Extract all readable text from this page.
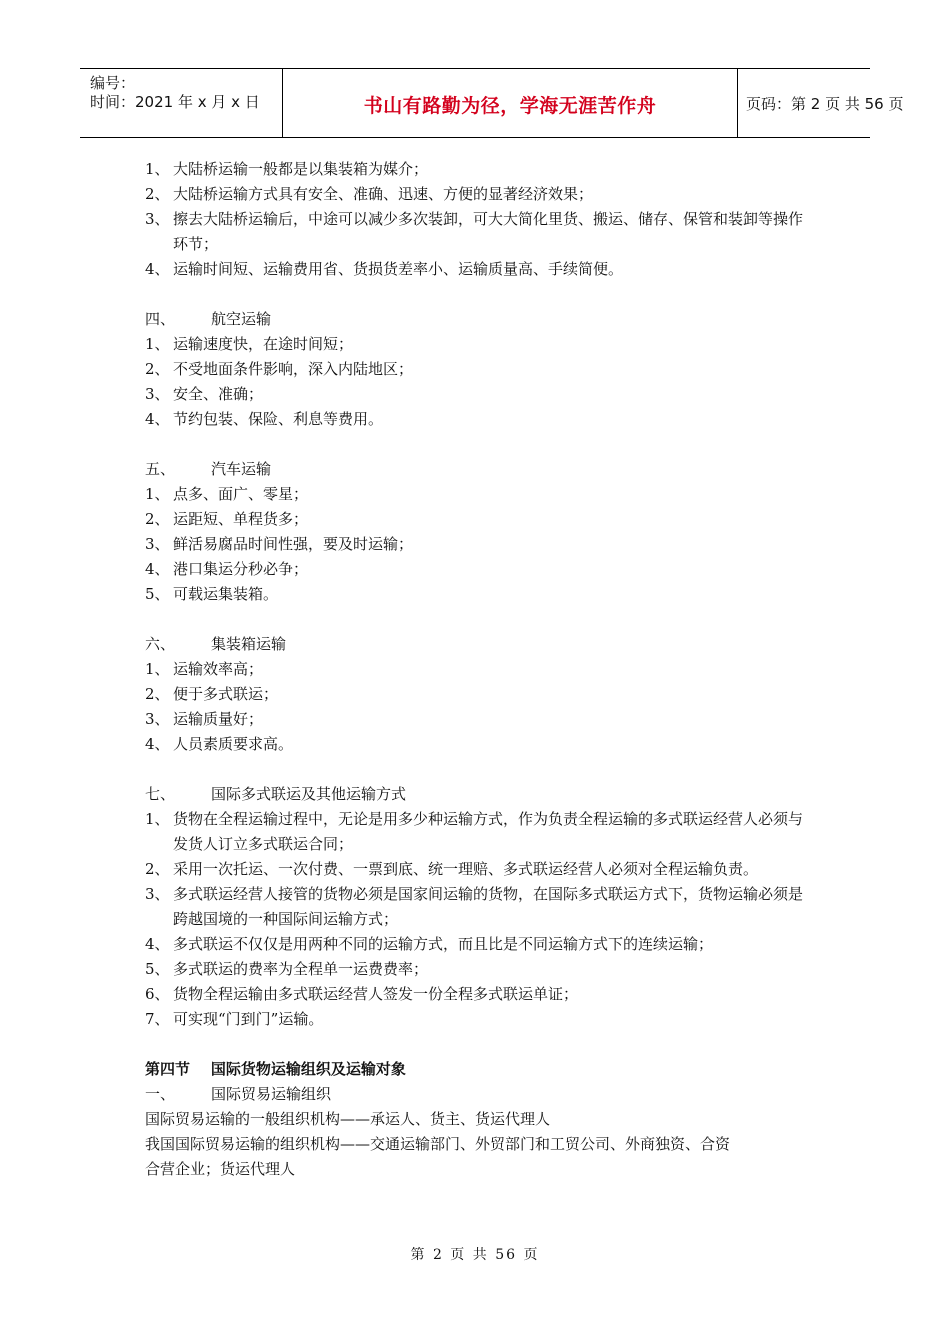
编号：
时间：2021 年 x 月 x 日	书山有路勤为径，学海无涯苦作舟	页码：第 2 页 共 56 页
1、 大陆桥运输一般都是以集装箱为媒介；
2、 大陆桥运输方式具有安全、准确、迅速、方便的显著经济效果；
3、 擦去大陆桥运输后，中途可以减少多次装卸，可大大简化里货、搬运、储存、保管和装卸等操作环节；
4、 运输时间短、运输费用省、货损货差率小、运输质量高、手续简便。
四、 航空运输
1、 运输速度快，在途时间短；
2、 不受地面条件影响，深入内陆地区；
3、 安全、准确；
4、 节约包装、保险、利息等费用。
五、 汽车运输
1、 点多、面广、零星；
2、 运距短、单程货多；
3、 鲜活易腐品时间性强，要及时运输；
4、 港口集运分秒必争；
5、 可载运集装箱。
六、 集装箱运输
1、 运输效率高；
2、 便于多式联运；
3、 运输质量好；
4、 人员素质要求高。
七、 国际多式联运及其他运输方式
1、 货物在全程运输过程中，无论是用多少种运输方式，作为负责全程运输的多式联运经营人必须与发货人订立多式联运合同；
2、 采用一次托运、一次付费、一票到底、统一理赔、多式联运经营人必须对全程运输负责。
3、 多式联运经营人接管的货物必须是国家间运输的货物，在国际多式联运方式下，货物运输必须是跨越国境的一种国际间运输方式；
4、 多式联运不仅仅是用两种不同的运输方式，而且比是不同运输方式下的连续运输；
5、 多式联运的费率为全程单一运费费率；
6、 货物全程运输由多式联运经营人签发一份全程多式联运单证；
7、 可实现“门到门”运输。
第四节    国际货物运输组织及运输对象
一、 国际贸易运输组织
国际贸易运输的一般组织机构——承运人、货主、货运代理人
我国国际贸易运输的组织机构——交通运输部门、外贸部门和工贸公司、外商独资、合资
合营企业；货运代理人
第 2 页 共 56 页
